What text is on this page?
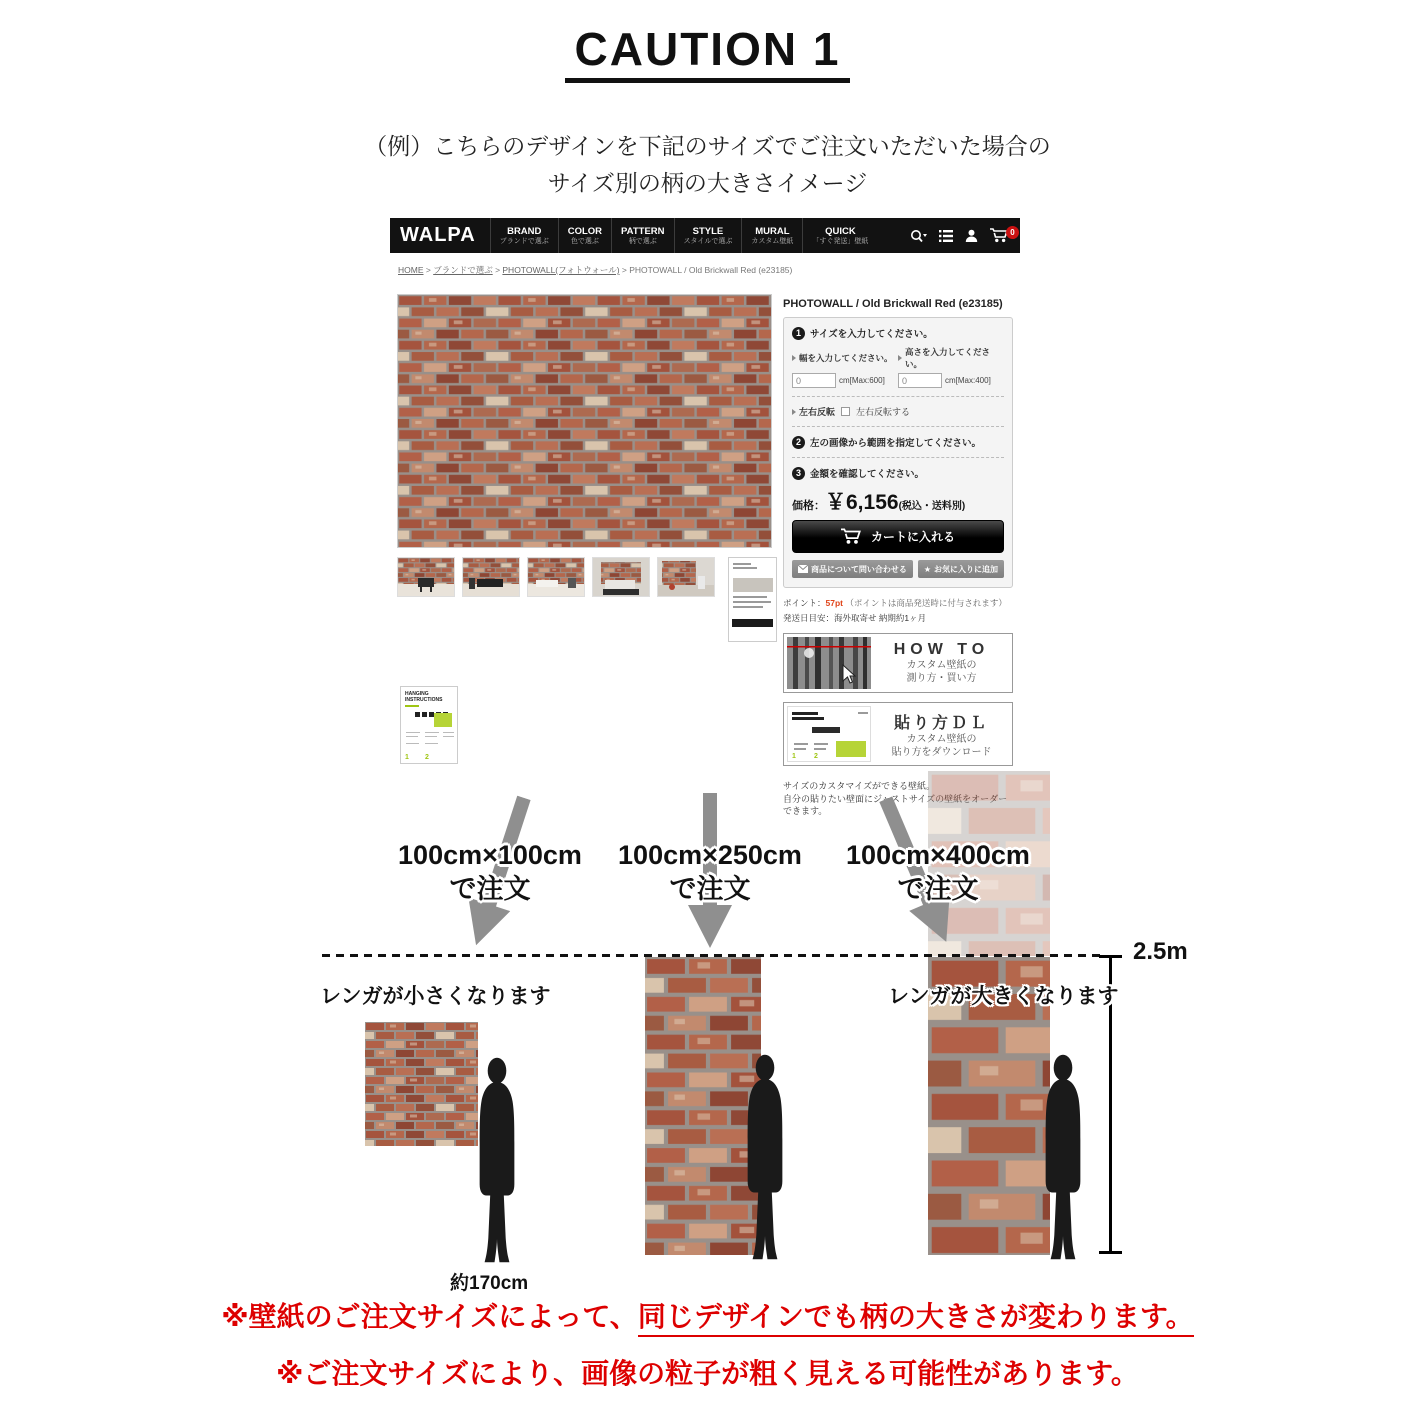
CAUTION 1
（例）こちらのデザインを下記のサイズでご注文いただいた場合の
サイズ別の柄の大きさイメージ
WALPA	BRAND
ブランドで選ぶ
COLOR
色で選ぶ
PATTERN
柄で選ぶ
STYLE
スタイルで選ぶ
MURAL
カスタム壁紙
QUICK
「すぐ発送」壁紙
0
HOME > ブランドで選ぶ > PHOTOWALL(フォトウォール) > PHOTOWALL / Old Brickwall Red (e23185)
HANGING
INSTRUCTIONS
1 2
PHOTOWALL / Old Brickwall Red (e23185)
1 サイズを入力してください。
幅を入力してください。
高さを入力してください。
0
cm[Max:600]
0	cm[Max:400]
左右反転 左右反転する
2 左の画像から範囲を指定してください。
3 金額を確認してください。
価格：￥6,156(税込・送料別)
カートに入れる
商品について問い合わせる ★ お気に入りに追加
ポイント：57pt （ポイントは商品発送時に付与されます）
発送日目安：海外取寄せ 納期約1ヶ月
HOW TO
カスタム壁紙の
測り方・買い方
1	2
貼り方ＤＬ
カスタム壁紙の
貼り方をダウンロード
サイズのカスタマイズができる壁紙。
自分の貼りたい壁面にジャストサイズの壁紙をオーダーできます。
100cm×100cm
で注文
100cm×250cm
で注文
100cm×400cm
で注文
レンガが小さくなります	レンガが大きくなります
約170cm
2.5m
※壁紙のご注文サイズによって、同じデザインでも柄の大きさが変わります。
※ご注文サイズにより、画像の粒子が粗く見える可能性があります。
